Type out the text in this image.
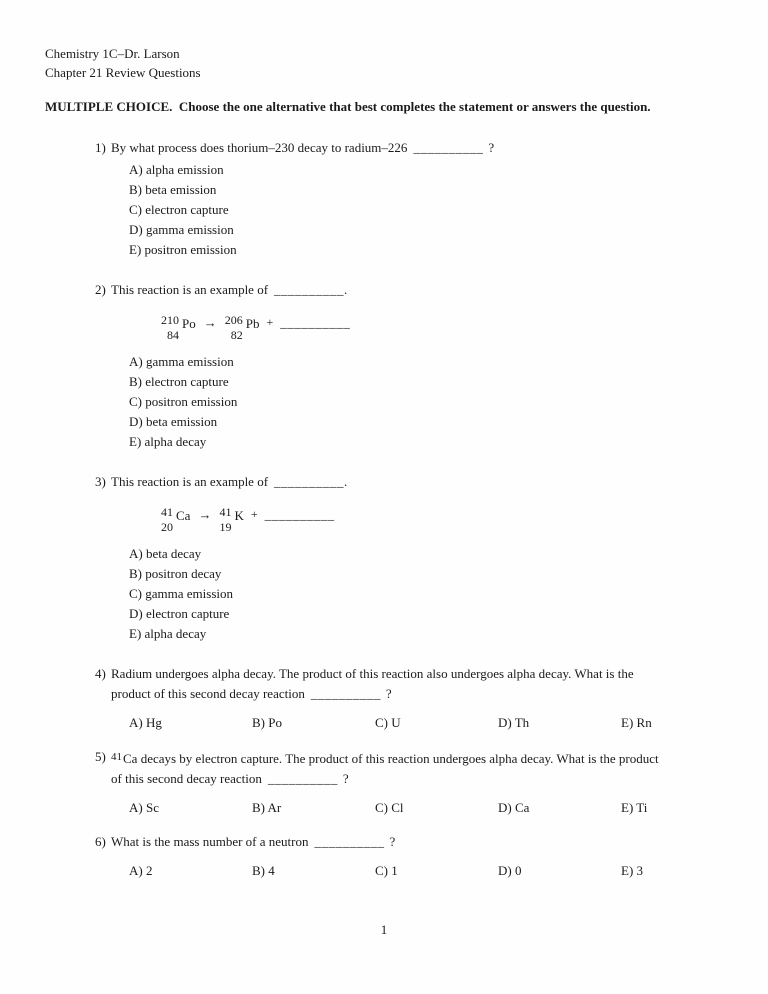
Chemistry 1C–Dr. Larson
Chapter 21 Review Questions
MULTIPLE CHOICE.  Choose the one alternative that best completes the statement or answers the question.
1) By what process does thorium–230 decay to radium–226 __________ ?
A) alpha emission
B) beta emission
C) electron capture
D) gamma emission
E) positron emission
2) This reaction is an example of __________.
210
84
Po → 206
82
Pb + __________
A) gamma emission
B) electron capture
C) positron emission
D) beta emission
E) alpha decay
3) This reaction is an example of __________.
41
20
Ca → 41
19
K + __________
A) beta decay
B) positron decay
C) gamma emission
D) electron capture
E) alpha decay
4) Radium undergoes alpha decay. The product of this reaction also undergoes alpha decay. What is the
product of this second decay reaction __________ ?
A) Hg	B) Po	C) U	D) Th	E) Rn
5) $^{41}$Ca decays by electron capture. The product of this reaction undergoes alpha decay. What is the product
of this second decay reaction __________ ?
A) Sc	B) Ar	C) Cl	D) Ca	E) Ti
6) What is the mass number of a neutron __________ ?
A) 2	B) 4	C) 1	D) 0	E) 3
1
